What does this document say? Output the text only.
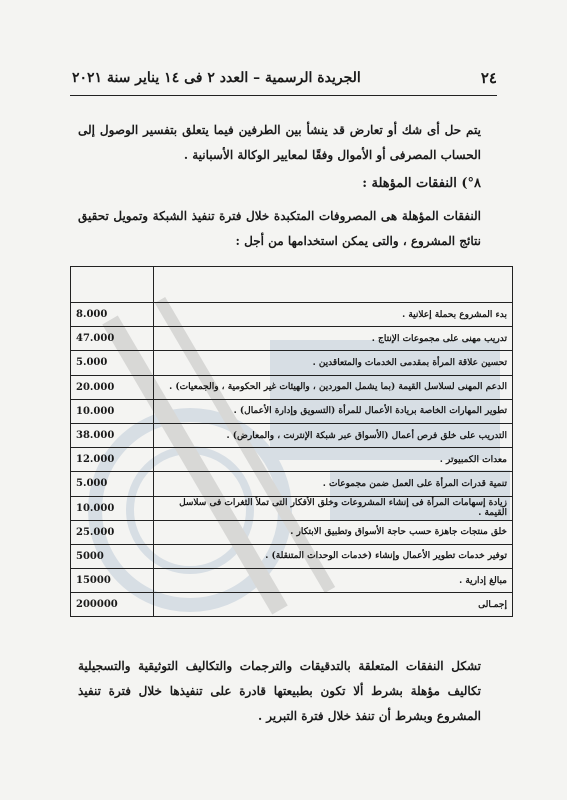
الجريدة الرسمية – العدد ٢ فى ١٤ يناير سنة ٢٠٢١	٢٤
يتم حل أى شك أو تعارض قد ينشأ بين الطرفين فيما يتعلق بتفسير الوصول إلى الحساب المصرفى أو الأموال وفقًا لمعايير الوكالة الأسبانية .
٨°) النفقات المؤهلة :
النفقات المؤهلة هى المصروفات المتكبدة خلال فترة تنفيذ الشبكة وتمويل تحقيق نتائج المشروع ، والتى يمكن استخدامها من أجل :

بدء المشروع بحملة إعلانية .	8.000
تدريب مهنى على مجموعات الإنتاج .	47.000
تحسين علاقة المرأة بمقدمى الخدمات والمتعاقدين .	5.000
الدعم المهنى لسلاسل القيمة (بما يشمل الموردين ، والهيئات غير الحكومية ، والجمعيات) .	20.000
تطوير المهارات الخاصة بريادة الأعمال للمرأة (التسويق وإدارة الأعمال) .	10.000
التدريب على خلق فرص أعمال (الأسواق عبر شبكة الإنترنت ، والمعارض) .	38.000
معدات الكمبيوتر .	12.000
تنمية قدرات المرأة على العمل ضمن مجموعات .	5.000
زيادة إسهامات المرأة فى إنشاء المشروعات وخلق الأفكار التى تملأ الثغرات فى سلاسل القيمة .	10.000
خلق منتجات جاهزة حسب حاجة الأسواق وتطبيق الابتكار .	25.000
توفير خدمات تطوير الأعمال وإنشاء (خدمات الوحدات المتنقلة) .	5000
مبالغ إدارية .	15000
إجمـالى	200000
تشكل النفقات المتعلقة بالتدقيقات والترجمات والتكاليف التوثيقية والتسجيلية تكاليف مؤهلة بشرط ألا تكون بطبيعتها قادرة على تنفيذها خلال فترة تنفيذ المشروع وبشرط أن تنفذ خلال فترة التبرير .
